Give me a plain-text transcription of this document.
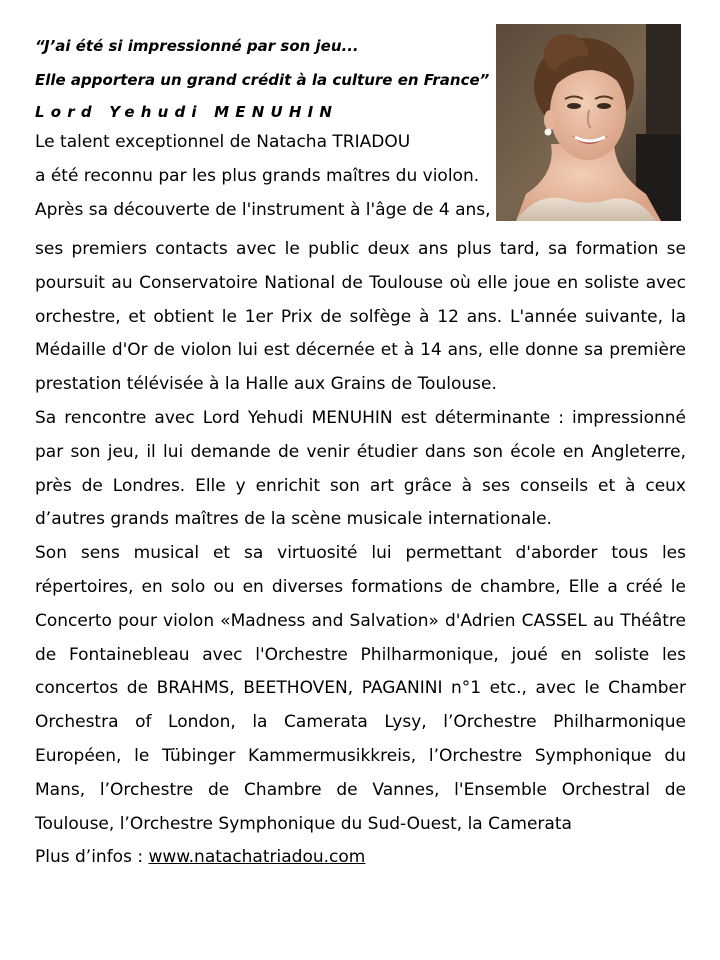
“J’ai été si impressionné par son jeu...
Elle apportera un grand crédit à la culture en France”
Lord Yehudi MENUHIN
Le talent exceptionnel de Natacha TRIADOU
a été reconnu par les plus grands maîtres du violon.
Après sa découverte de l'instrument à l'âge de 4 ans,

ses premiers contacts avec le public deux ans plus tard, sa formation se poursuit au Conservatoire National de Toulouse où elle joue en soliste avec orchestre, et obtient le 1er Prix de solfège à 12 ans. L'année suivante, la Médaille d'Or de violon lui est décernée et à 14 ans, elle donne sa première prestation télévisée à la Halle aux Grains de Toulouse.

Sa rencontre avec Lord Yehudi MENUHIN est déterminante : impressionné par son jeu, il lui demande de venir étudier dans son école en Angleterre, près de Londres. Elle y enrichit son art grâce à ses conseils et à ceux d’autres grands maîtres de la scène musicale internationale.

Son sens musical et sa virtuosité lui permettant d'aborder tous les répertoires, en solo ou en diverses formations de chambre, Elle a créé le Concerto pour violon «Madness and Salvation» d'Adrien CASSEL au Théâtre de Fontainebleau avec l'Orchestre Philharmonique, joué en soliste les concertos de BRAHMS, BEETHOVEN, PAGANINI n°1 etc., avec le Chamber Orchestra of London, la Camerata Lysy, l’Orchestre Philharmonique Européen, le Tübinger Kammermusikkreis, l’Orchestre Symphonique du Mans, l’Orchestre de Chambre de Vannes, l'Ensemble Orchestral de Toulouse, l’Orchestre Symphonique du Sud-Ouest, la Camerata

Plus d’infos : www.natachatriadou.com
